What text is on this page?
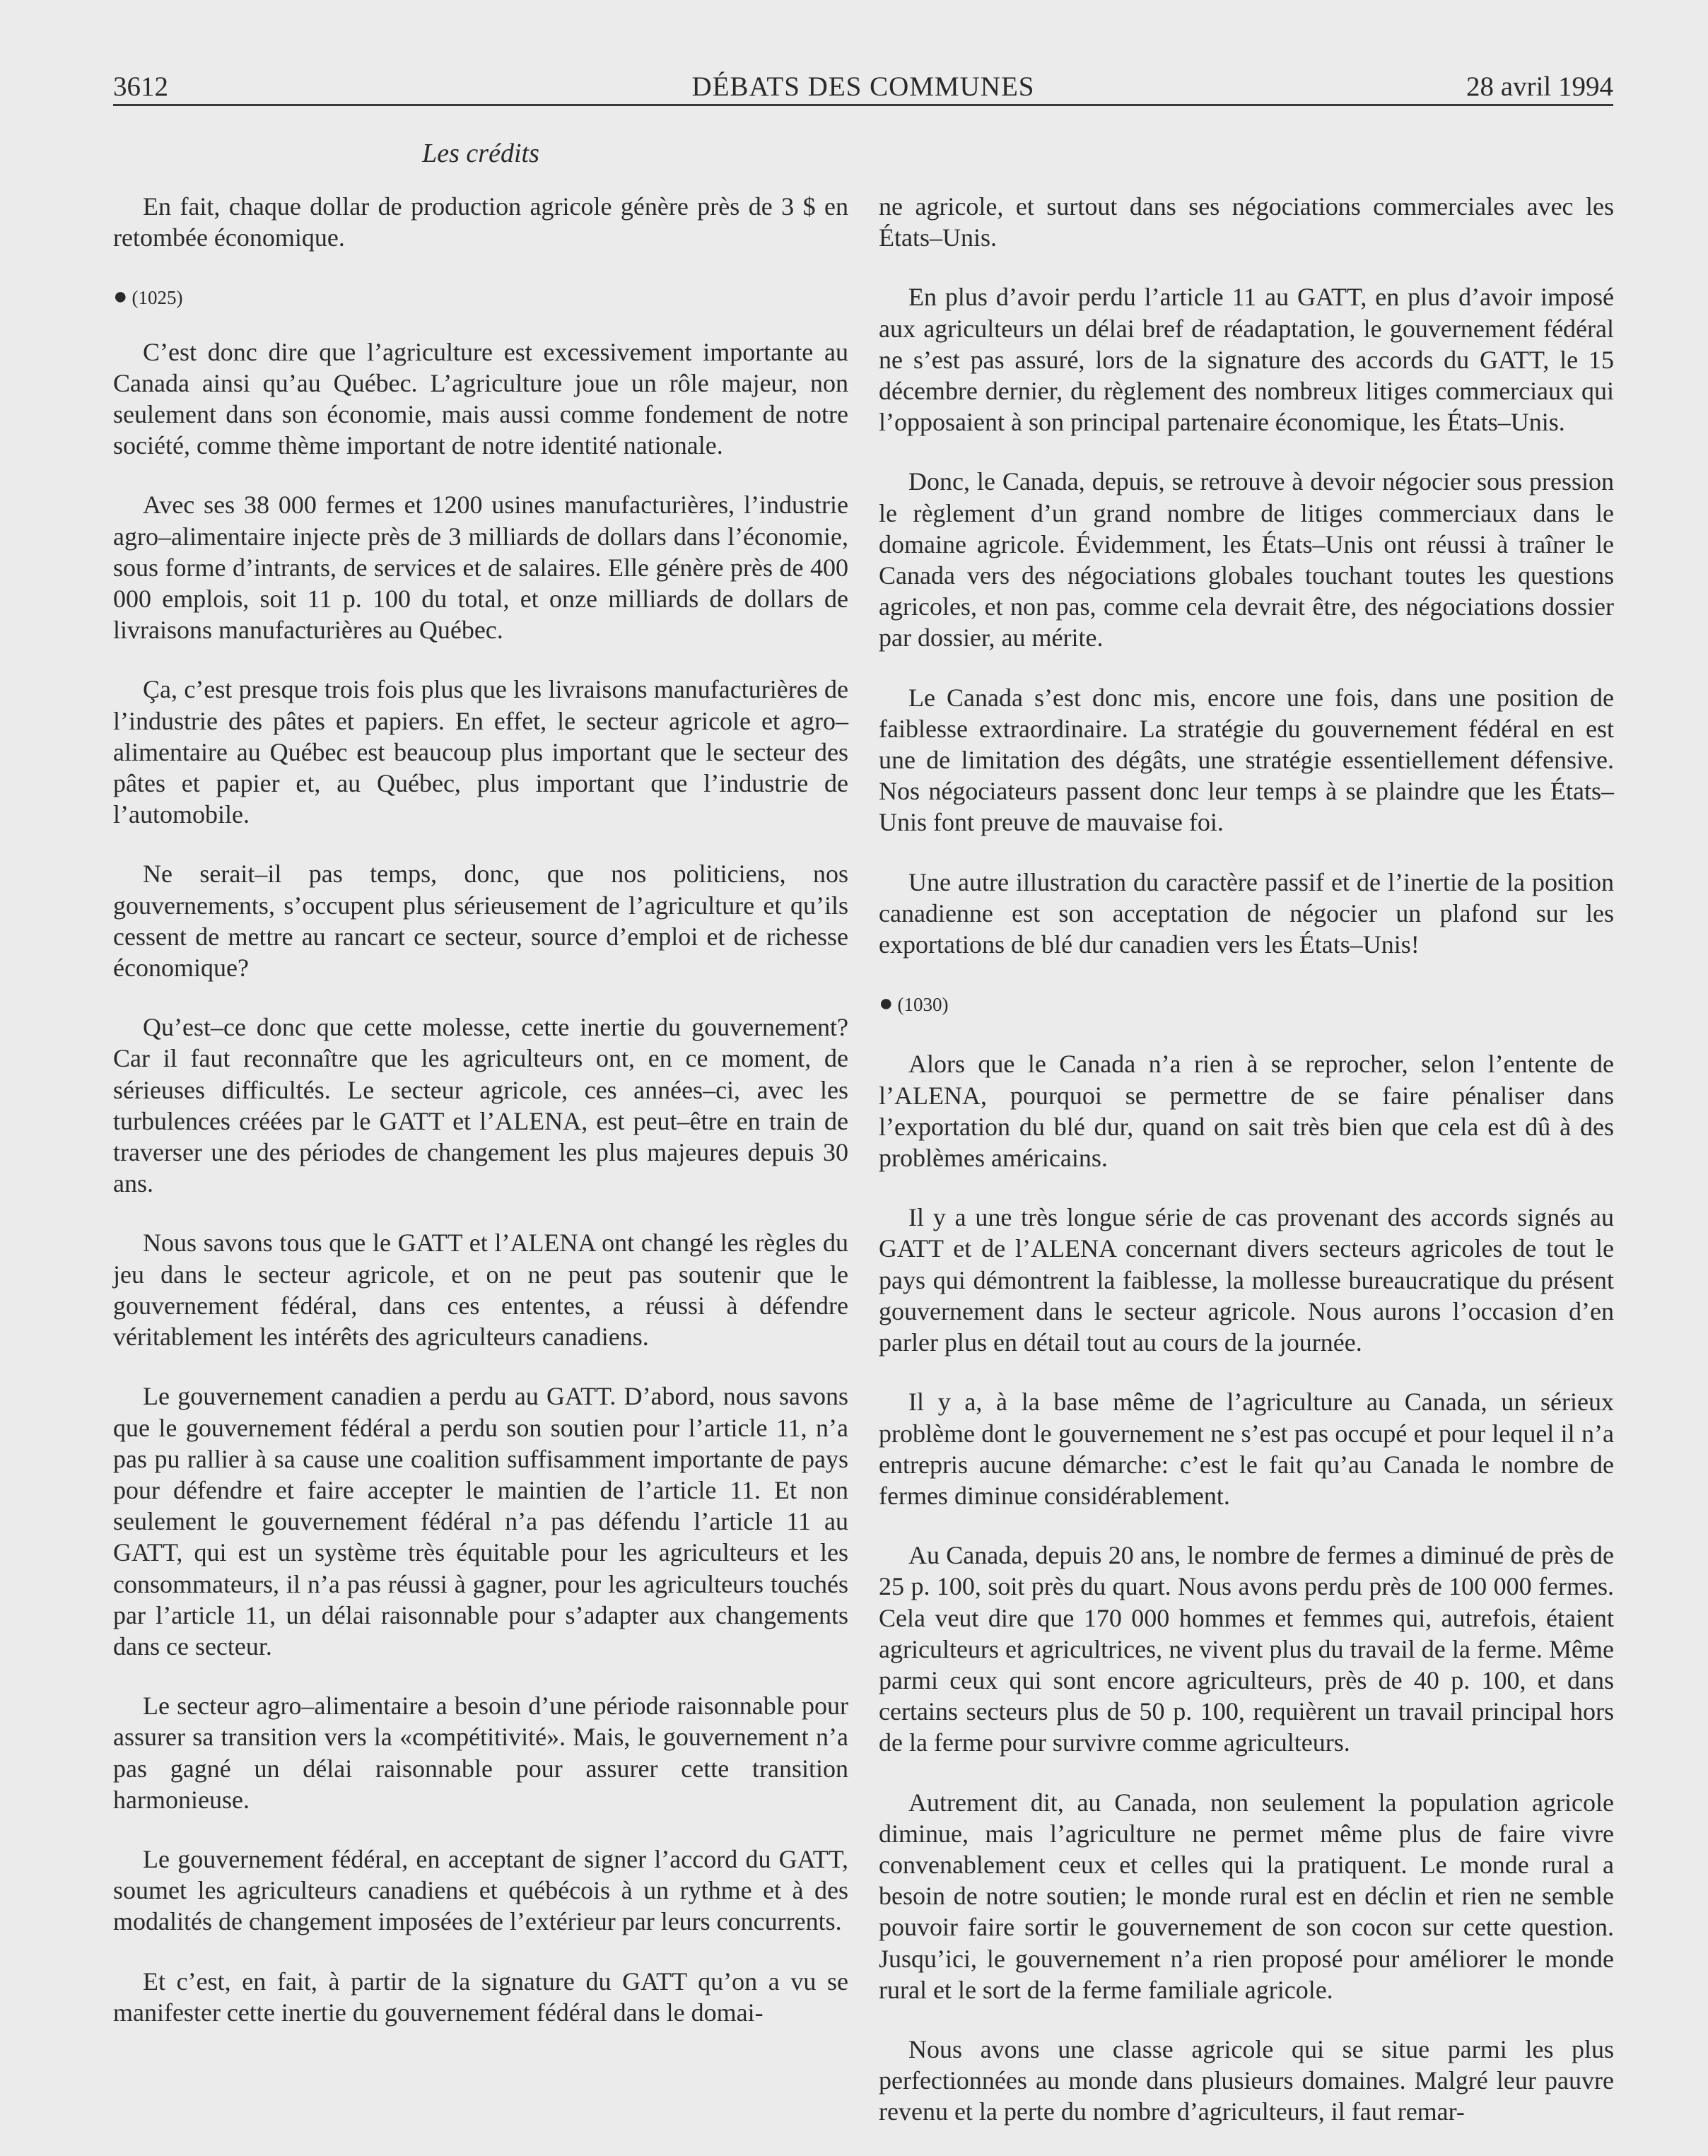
3612	DÉBATS DES COMMUNES	28 avril 1994
Les crédits

En fait, chaque dollar de production agricole génère près de 3 $ en retombée économique.

● (1025)

C’est donc dire que l’agriculture est excessivement importante au Canada ainsi qu’au Québec. L’agriculture joue un rôle majeur, non seulement dans son économie, mais aussi comme fondement de notre société, comme thème important de notre identité nationale.

Avec ses 38 000 fermes et 1200 usines manufacturières, l’industrie agro–alimentaire injecte près de 3 milliards de dollars dans l’économie, sous forme d’intrants, de services et de salaires. Elle génère près de 400 000 emplois, soit 11 p. 100 du total, et onze milliards de dollars de livraisons manufacturières au Québec.

Ça, c’est presque trois fois plus que les livraisons manufacturières de l’industrie des pâtes et papiers. En effet, le secteur agricole et agro–alimentaire au Québec est beaucoup plus important que le secteur des pâtes et papier et, au Québec, plus important que l’industrie de l’automobile.

Ne serait–il pas temps, donc, que nos politiciens, nos gouvernements, s’occupent plus sérieusement de l’agriculture et qu’ils cessent de mettre au rancart ce secteur, source d’emploi et de richesse économique?

Qu’est–ce donc que cette molesse, cette inertie du gouvernement? Car il faut reconnaître que les agriculteurs ont, en ce moment, de sérieuses difficultés. Le secteur agricole, ces années–ci, avec les turbulences créées par le GATT et l’ALENA, est peut–être en train de traverser une des périodes de changement les plus majeures depuis 30 ans.

Nous savons tous que le GATT et l’ALENA ont changé les règles du jeu dans le secteur agricole, et on ne peut pas soutenir que le gouvernement fédéral, dans ces ententes, a réussi à défendre véritablement les intérêts des agriculteurs canadiens.

Le gouvernement canadien a perdu au GATT. D’abord, nous savons que le gouvernement fédéral a perdu son soutien pour l’article 11, n’a pas pu rallier à sa cause une coalition suffisamment importante de pays pour défendre et faire accepter le maintien de l’article 11. Et non seulement le gouvernement fédéral n’a pas défendu l’article 11 au GATT, qui est un système très équitable pour les agriculteurs et les consommateurs, il n’a pas réussi à gagner, pour les agriculteurs touchés par l’article 11, un délai raisonnable pour s’adapter aux changements dans ce secteur.

Le secteur agro–alimentaire a besoin d’une période raisonnable pour assurer sa transition vers la «compétitivité». Mais, le gouvernement n’a pas gagné un délai raisonnable pour assurer cette transition harmonieuse.

Le gouvernement fédéral, en acceptant de signer l’accord du GATT, soumet les agriculteurs canadiens et québécois à un rythme et à des modalités de changement imposées de l’extérieur par leurs concurrents.

Et c’est, en fait, à partir de la signature du GATT qu’on a vu se manifester cette inertie du gouvernement fédéral dans le domai-

ne agricole, et surtout dans ses négociations commerciales avec les États–Unis.

En plus d’avoir perdu l’article 11 au GATT, en plus d’avoir imposé aux agriculteurs un délai bref de réadaptation, le gouvernement fédéral ne s’est pas assuré, lors de la signature des accords du GATT, le 15 décembre dernier, du règlement des nombreux litiges commerciaux qui l’opposaient à son principal partenaire économique, les États–Unis.

Donc, le Canada, depuis, se retrouve à devoir négocier sous pression le règlement d’un grand nombre de litiges commerciaux dans le domaine agricole. Évidemment, les États–Unis ont réussi à traîner le Canada vers des négociations globales touchant toutes les questions agricoles, et non pas, comme cela devrait être, des négociations dossier par dossier, au mérite.

Le Canada s’est donc mis, encore une fois, dans une position de faiblesse extraordinaire. La stratégie du gouvernement fédéral en est une de limitation des dégâts, une stratégie essentiellement défensive. Nos négociateurs passent donc leur temps à se plaindre que les États–Unis font preuve de mauvaise foi.

Une autre illustration du caractère passif et de l’inertie de la position canadienne est son acceptation de négocier un plafond sur les exportations de blé dur canadien vers les États–Unis!

● (1030)

Alors que le Canada n’a rien à se reprocher, selon l’entente de l’ALENA, pourquoi se permettre de se faire pénaliser dans l’exportation du blé dur, quand on sait très bien que cela est dû à des problèmes américains.

Il y a une très longue série de cas provenant des accords signés au GATT et de l’ALENA concernant divers secteurs agricoles de tout le pays qui démontrent la faiblesse, la mollesse bureaucratique du présent gouvernement dans le secteur agricole. Nous aurons l’occasion d’en parler plus en détail tout au cours de la journée.

Il y a, à la base même de l’agriculture au Canada, un sérieux problème dont le gouvernement ne s’est pas occupé et pour lequel il n’a entrepris aucune démarche: c’est le fait qu’au Canada le nombre de fermes diminue considérablement.

Au Canada, depuis 20 ans, le nombre de fermes a diminué de près de 25 p. 100, soit près du quart. Nous avons perdu près de 100 000 fermes. Cela veut dire que 170 000 hommes et femmes qui, autrefois, étaient agriculteurs et agricultrices, ne vivent plus du travail de la ferme. Même parmi ceux qui sont encore agriculteurs, près de 40 p. 100, et dans certains secteurs plus de 50 p. 100, requièrent un travail principal hors de la ferme pour survivre comme agriculteurs.

Autrement dit, au Canada, non seulement la population agricole diminue, mais l’agriculture ne permet même plus de faire vivre convenablement ceux et celles qui la pratiquent. Le monde rural a besoin de notre soutien; le monde rural est en déclin et rien ne semble pouvoir faire sortir le gouvernement de son cocon sur cette question. Jusqu’ici, le gouvernement n’a rien proposé pour améliorer le monde rural et le sort de la ferme familiale agricole.

Nous avons une classe agricole qui se situe parmi les plus perfectionnées au monde dans plusieurs domaines. Malgré leur pauvre revenu et la perte du nombre d’agriculteurs, il faut remar-
